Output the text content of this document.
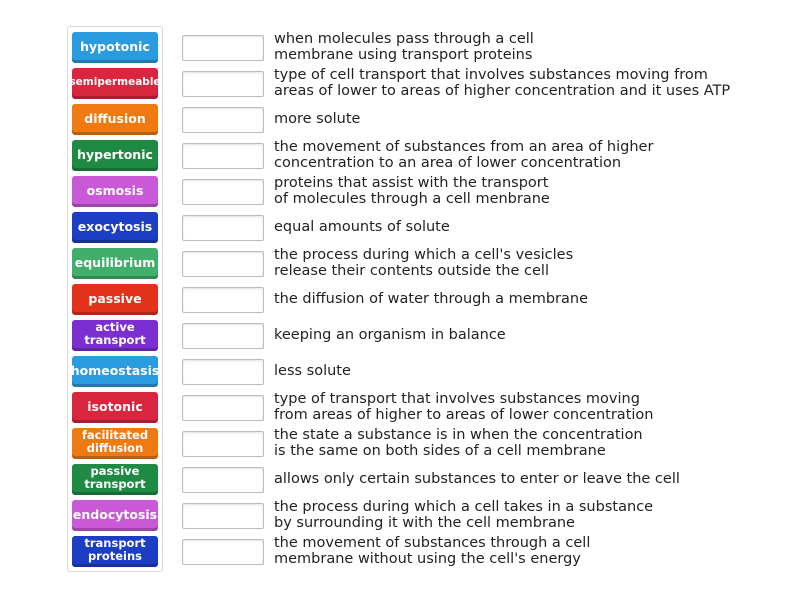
hypotonic
semipermeable
diffusion
hypertonic
osmosis
exocytosis
equilibrium
passive
active transport
homeostasis
isotonic
facilitated diffusion
passive transport
endocytosis
transport proteins
when molecules pass through a cell
membrane using transport proteins
type of cell transport that involves substances moving from
areas of lower to areas of higher concentration and it uses ATP
more solute
the movement of substances from an area of higher
concentration to an area of lower concentration
proteins that assist with the transport
of molecules through a cell menbrane
equal amounts of solute
the process during which a cell's vesicles
release their contents outside the cell
the diffusion of water through a membrane
keeping an organism in balance
less solute
type of transport that involves substances moving
from areas of higher to areas of lower concentration
the state a substance is in when the concentration
is the same on both sides of a cell membrane
allows only certain substances to enter or leave the cell
the process during which a cell takes in a substance
by surrounding it with the cell membrane
the movement of substances through a cell
membrane without using the cell's energy
